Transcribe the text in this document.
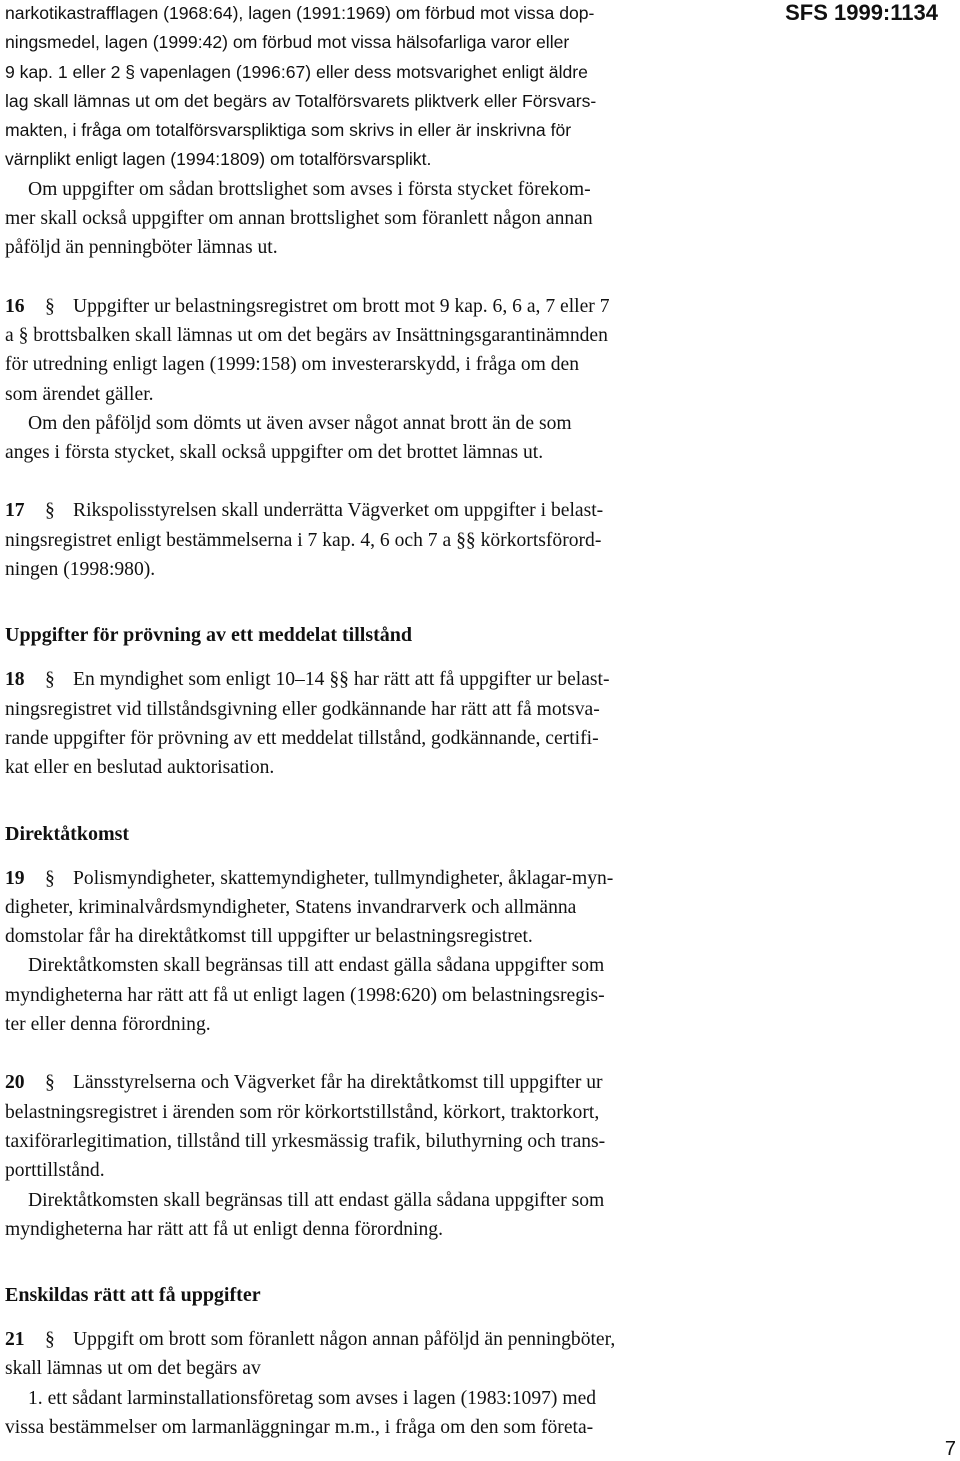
SFS 1999:1134

narkotikastrafflagen (1968:64), lagen (1991:1969) om förbud mot vissa dop-
ningsmedel, lagen (1999:42) om förbud mot vissa hälsofarliga varor eller
9 kap. 1 eller 2 § vapenlagen (1996:67) eller dess motsvarighet enligt äldre
lag skall lämnas ut om det begärs av Totalförsvarets pliktverk eller Försvars-
makten, i fråga om totalförsvarspliktiga som skrivs in eller är inskrivna för
värnplikt enligt lagen (1994:1809) om totalförsvarsplikt.

Om uppgifter om sådan brottslighet som avses i första stycket förekom-
mer skall också uppgifter om annan brottslighet som föranlett någon annan
påföljd än penningböter lämnas ut.

16 § Uppgifter ur belastningsregistret om brott mot 9 kap. 6, 6 a, 7 eller 7
a § brottsbalken skall lämnas ut om det begärs av Insättningsgarantinämnden
för utredning enligt lagen (1999:158) om investerarskydd, i fråga om den
som ärendet gäller.

Om den påföljd som dömts ut även avser något annat brott än de som
anges i första stycket, skall också uppgifter om det brottet lämnas ut.

17 § Rikspolisstyrelsen skall underrätta Vägverket om uppgifter i belast-
ningsregistret enligt bestämmelserna i 7 kap. 4, 6 och 7 a §§ körkortsförord-
ningen (1998:980).

Uppgifter för prövning av ett meddelat tillstånd

18 § En myndighet som enligt 10–14 §§ har rätt att få uppgifter ur belast-
ningsregistret vid tillståndsgivning eller godkännande har rätt att få motsva-
rande uppgifter för prövning av ett meddelat tillstånd, godkännande, certifi-
kat eller en beslutad auktorisation.

Direktåtkomst

19 § Polismyndigheter, skattemyndigheter, tullmyndigheter, åklagar-myn-
digheter, kriminalvårdsmyndigheter, Statens invandrarverk och allmänna
domstolar får ha direktåtkomst till uppgifter ur belastningsregistret.

Direktåtkomsten skall begränsas till att endast gälla sådana uppgifter som
myndigheterna har rätt att få ut enligt lagen (1998:620) om belastningsregis-
ter eller denna förordning.

20 § Länsstyrelserna och Vägverket får ha direktåtkomst till uppgifter ur
belastningsregistret i ärenden som rör körkortstillstånd, körkort, traktorkort,
taxiförarlegitimation, tillstånd till yrkesmässig trafik, biluthyrning och trans-
porttillstånd.

Direktåtkomsten skall begränsas till att endast gälla sådana uppgifter som
myndigheterna har rätt att få ut enligt denna förordning.

Enskildas rätt att få uppgifter

21 § Uppgift om brott som föranlett någon annan påföljd än penningböter,
skall lämnas ut om det begärs av

1. ett sådant larminstallationsföretag som avses i lagen (1983:1097) med
vissa bestämmelser om larmanläggningar m.m., i fråga om den som företa-

7
